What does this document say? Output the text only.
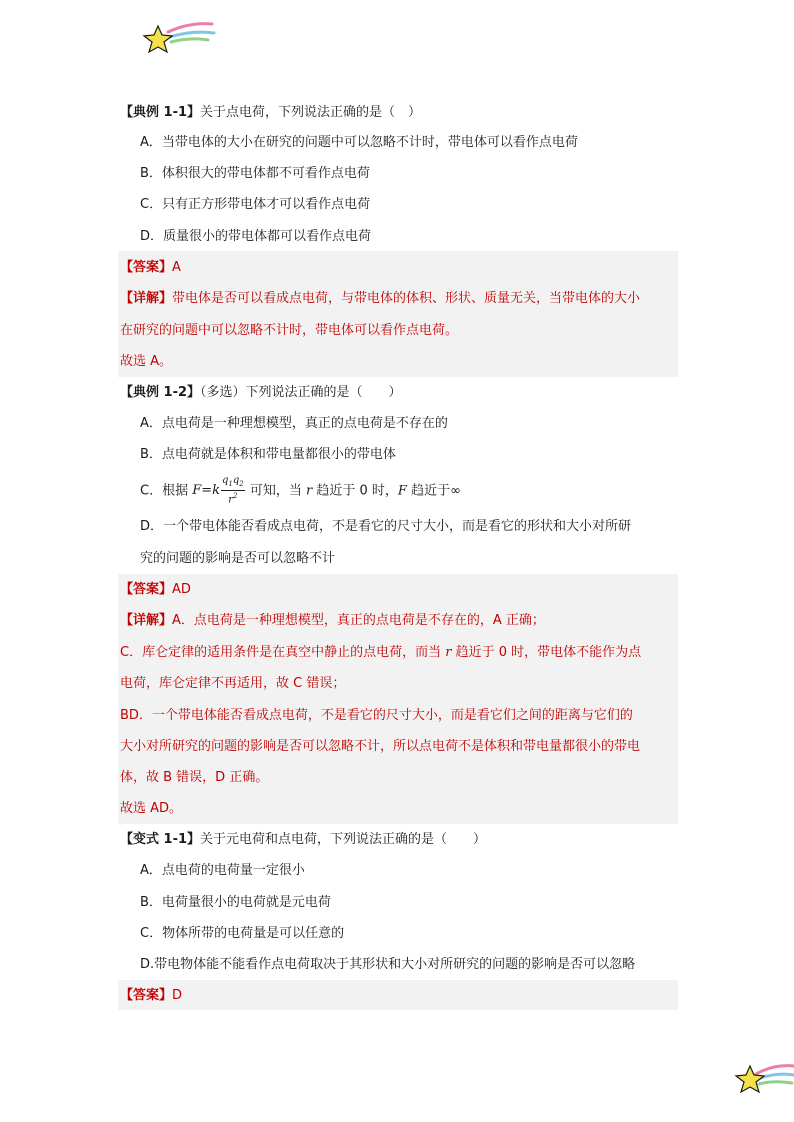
【典例 1-1】关于点电荷，下列说法正确的是（　）
A．当带电体的大小在研究的问题中可以忽略不计时，带电体可以看作点电荷
B．体积很大的带电体都不可看作点电荷
C．只有正方形带电体才可以看作点电荷
D．质量很小的带电体都可以看作点电荷
【答案】A
【详解】带电体是否可以看成点电荷，与带电体的体积、形状、质量无关，当带电体的大小
在研究的问题中可以忽略不计时，带电体可以看作点电荷。
故选 A。
【典例 1-2】（多选）下列说法正确的是（　　）
A．点电荷是一种理想模型，真正的点电荷是不存在的
B．点电荷就是体积和带电量都很小的带电体
C．根据 $F=k \frac{q_1q_2}{r^2}$ 可知，当 r 趋近于 0 时，F 趋近于∞
D．一个带电体能否看成点电荷，不是看它的尺寸大小，而是看它的形状和大小对所研
究的问题的影响是否可以忽略不计
【答案】AD
【详解】A．点电荷是一种理想模型，真正的点电荷是不存在的，A 正确；
C．库仑定律的适用条件是在真空中静止的点电荷，而当 r 趋近于 0 时，带电体不能作为点
电荷，库仑定律不再适用，故 C 错误；
BD．一个带电体能否看成点电荷，不是看它的尺寸大小，而是看它们之间的距离与它们的
大小对所研究的问题的影响是否可以忽略不计，所以点电荷不是体积和带电量都很小的带电
体，故 B 错误，D 正确。
故选 AD。
【变式 1-1】关于元电荷和点电荷，下列说法正确的是（　　）
A．点电荷的电荷量一定很小
B．电荷量很小的电荷就是元电荷
C．物体所带的电荷量是可以任意的
D.带电物体能不能看作点电荷取决于其形状和大小对所研究的问题的影响是否可以忽略
【答案】D
